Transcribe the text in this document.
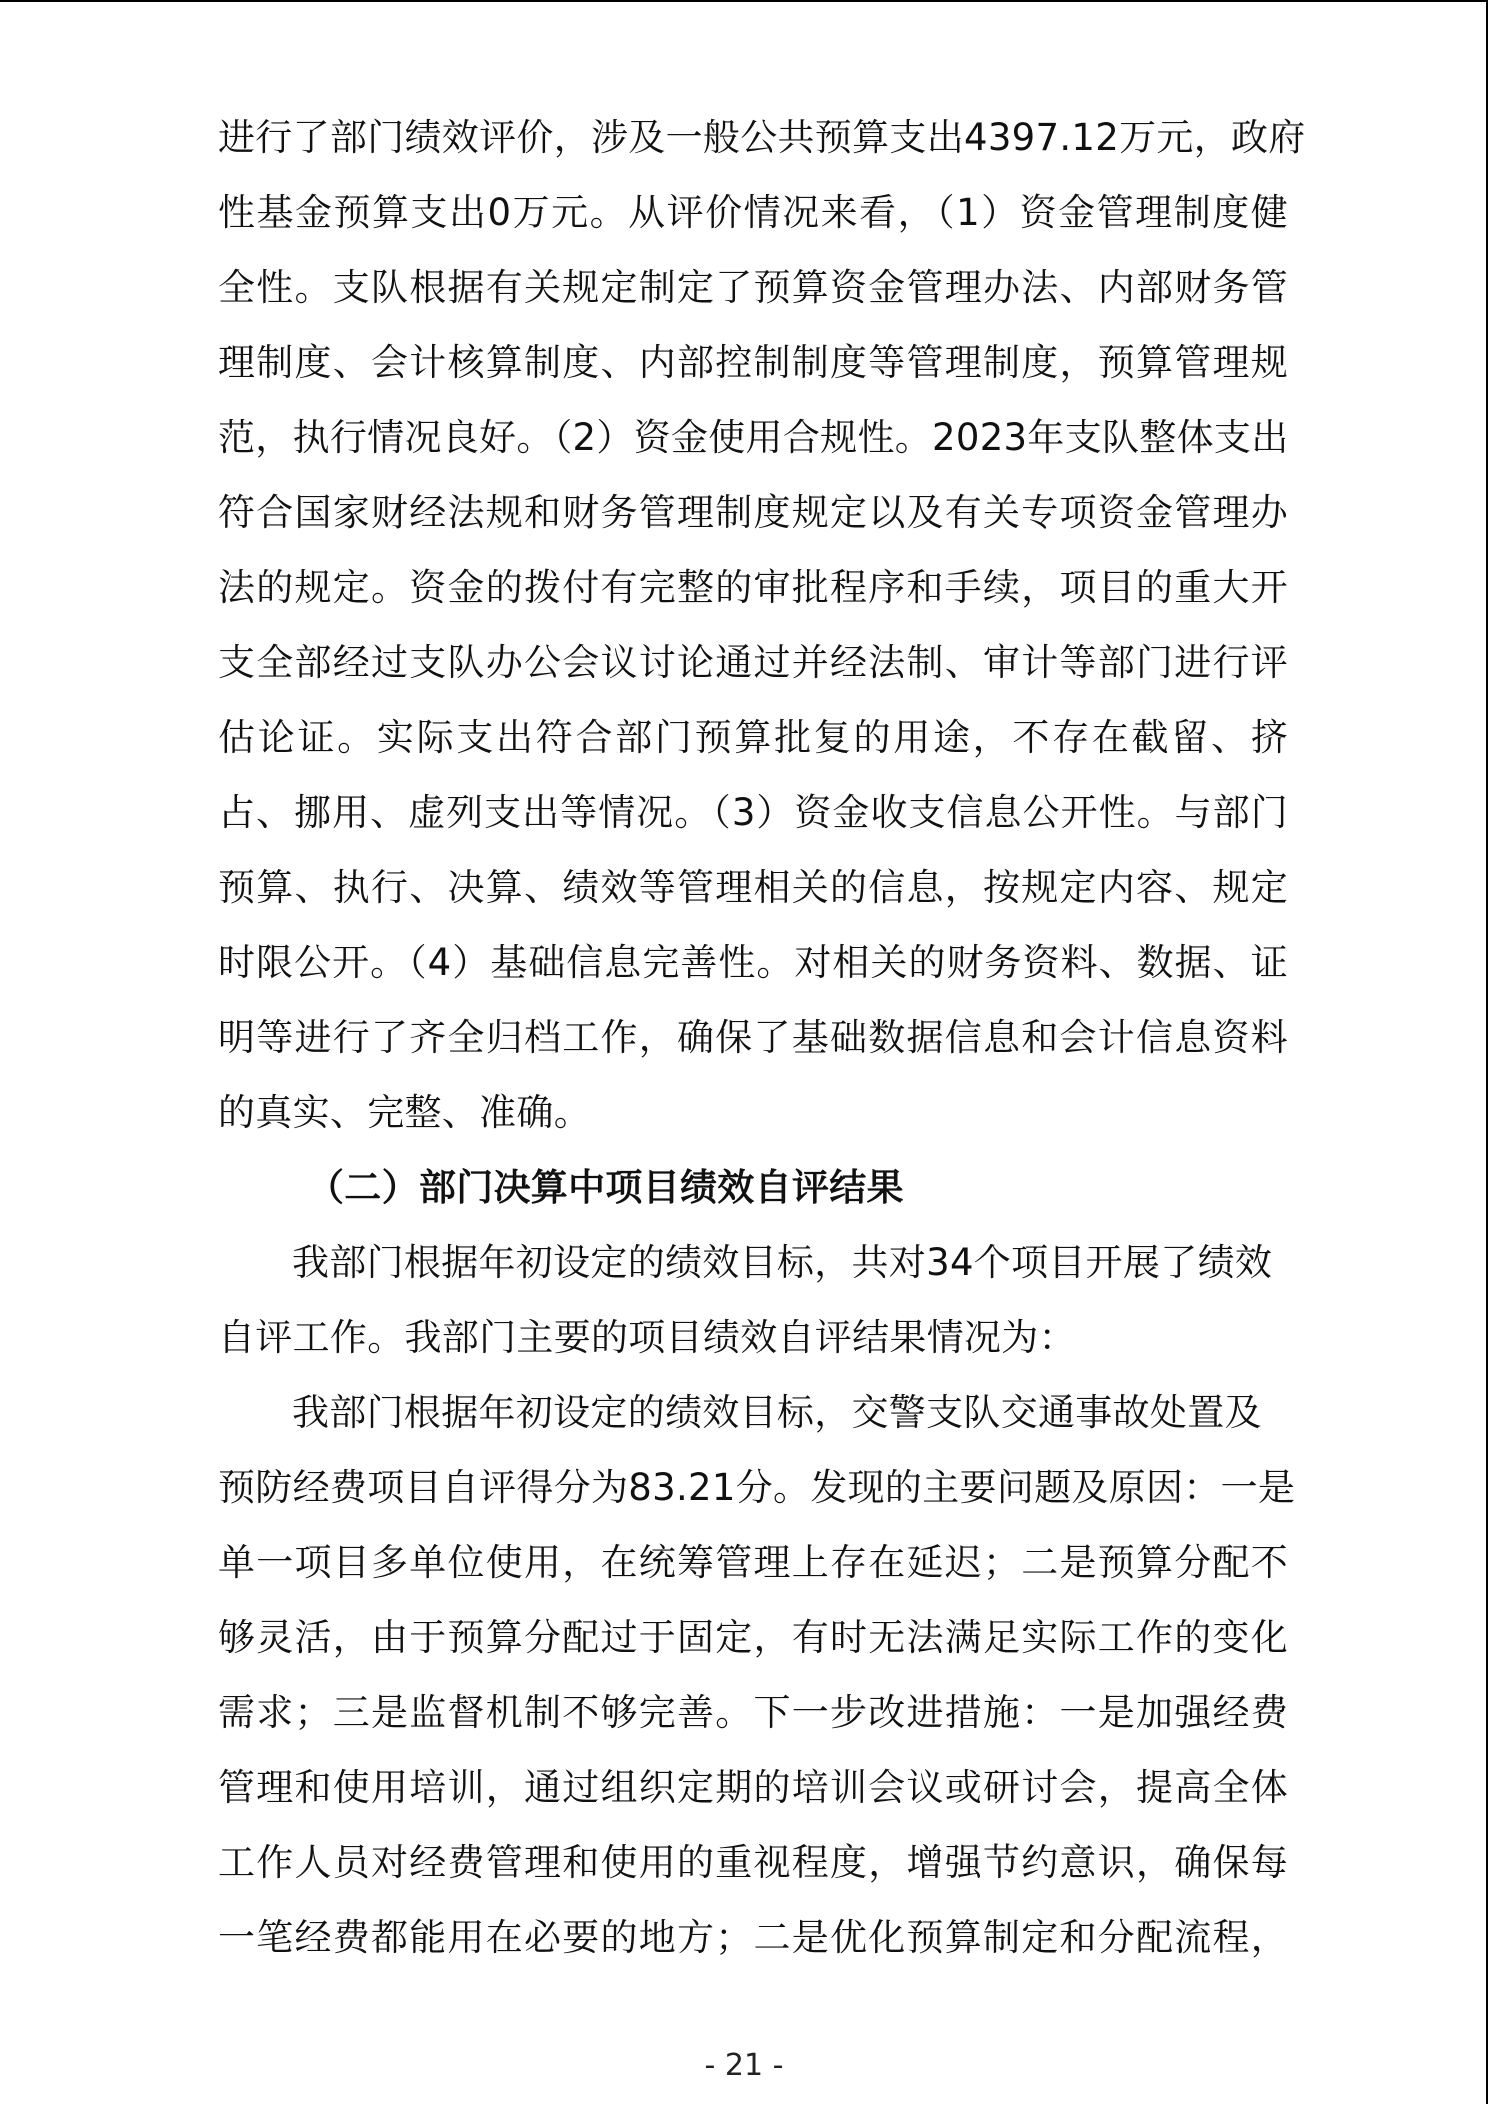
进行了部门绩效评价，涉及一般公共预算支出4397.12万元，政府
性基金预算支出0万元。从评价情况来看，（1）资金管理制度健
全性。支队根据有关规定制定了预算资金管理办法、内部财务管
理制度、会计核算制度、内部控制制度等管理制度，预算管理规
范，执行情况良好。（2）资金使用合规性。2023年支队整体支出
符合国家财经法规和财务管理制度规定以及有关专项资金管理办
法的规定。资金的拨付有完整的审批程序和手续，项目的重大开
支全部经过支队办公会议讨论通过并经法制、审计等部门进行评
估论证。实际支出符合部门预算批复的用途，不存在截留、挤
占、挪用、虚列支出等情况。（3）资金收支信息公开性。与部门
预算、执行、决算、绩效等管理相关的信息，按规定内容、规定
时限公开。（4）基础信息完善性。对相关的财务资料、数据、证
明等进行了齐全归档工作，确保了基础数据信息和会计信息资料
的真实、完整、准确。
（二）部门决算中项目绩效自评结果
我部门根据年初设定的绩效目标，共对34个项目开展了绩效
自评工作。我部门主要的项目绩效自评结果情况为：
我部门根据年初设定的绩效目标，交警支队交通事故处置及
预防经费项目自评得分为83.21分。发现的主要问题及原因：一是
单一项目多单位使用，在统筹管理上存在延迟；二是预算分配不
够灵活，由于预算分配过于固定，有时无法满足实际工作的变化
需求；三是监督机制不够完善。下一步改进措施：一是加强经费
管理和使用培训，通过组织定期的培训会议或研讨会，提高全体
工作人员对经费管理和使用的重视程度，增强节约意识，确保每
一笔经费都能用在必要的地方；二是优化预算制定和分配流程，
- 21 -
